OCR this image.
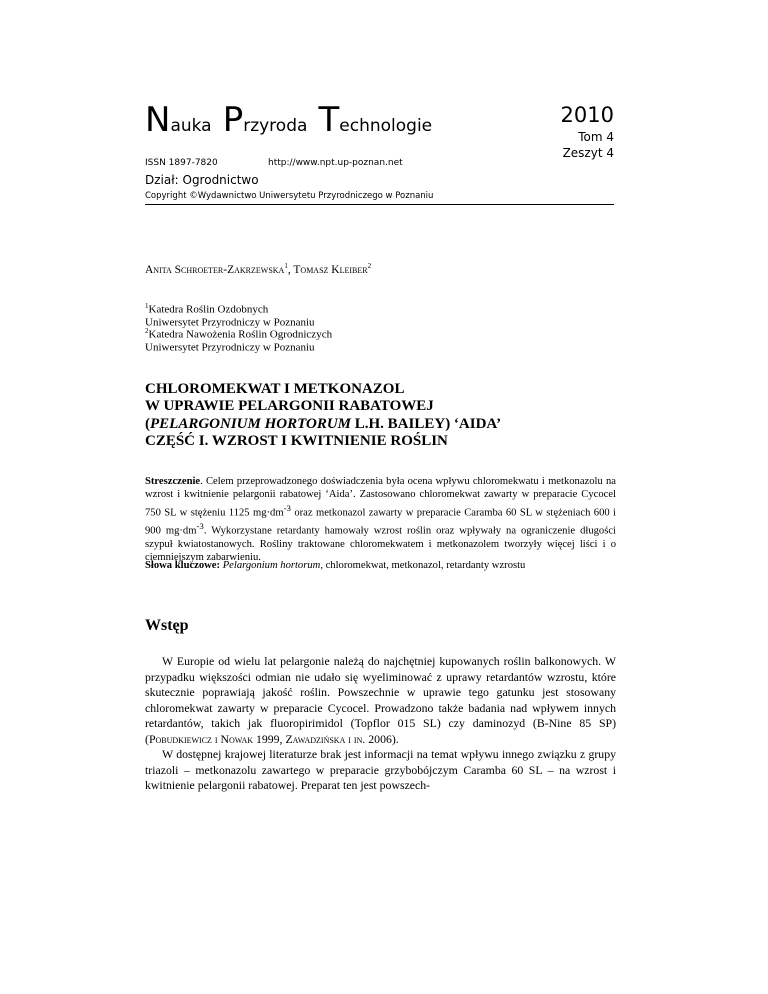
Nauka Przyroda Technologie
ISSN 1897-7820	http://www.npt.up-poznan.net
Dział: Ogrodnictwo
Copyright ©Wydawnictwo Uniwersytetu Przyrodniczego w Poznaniu
2010
Tom 4
Zeszyt 4
Anita Schroeter-Zakrzewska$^1$, Tomasz Kleiber$^2$
$^1$Katedra Roślin Ozdobnych
Uniwersytet Przyrodniczy w Poznaniu
$^2$Katedra Nawożenia Roślin Ogrodniczych
Uniwersytet Przyrodniczy w Poznaniu
CHLOROMEKWAT I METKONAZOL
W UPRAWIE PELARGONII RABATOWEJ
(PELARGONIUM HORTORUM L.H. BAILEY) ‘AIDA’
CZĘŚĆ I. WZROST I KWITNIENIE ROŚLIN
Streszczenie. Celem przeprowadzonego doświadczenia była ocena wpływu chloromekwatu i metkonazolu na wzrost i kwitnienie pelargonii rabatowej ‘Aida’. Zastosowano chloromekwat zawarty w preparacie Cycocel 750 SL w stężeniu 1125 $mg\cdot dm^{-3}$ oraz metkonazol zawarty w preparacie Caramba 60 SL w stężeniach 600 i 900 $mg\cdot dm^{-3}$. Wykorzystane retardanty hamowały wzrost roślin oraz wpływały na ograniczenie długości szypuł kwiatostanowych. Rośliny traktowane chloromekwatem i metkonazolem tworzyły więcej liści i o ciemniejszym zabarwieniu.
Słowa kluczowe: Pelargonium hortorum, chloromekwat, metkonazol, retardanty wzrostu
Wstęp

W Europie od wielu lat pelargonie należą do najchętniej kupowanych roślin balkonowych. W przypadku większości odmian nie udało się wyeliminować z uprawy retardantów wzrostu, które skutecznie poprawiają jakość roślin. Powszechnie w uprawie tego gatunku jest stosowany chloromekwat zawarty w preparacie Cycocel. Prowadzono także badania nad wpływem innych retardantów, takich jak fluoropirimidol (Topflor 015 SL) czy daminozyd (B-Nine 85 SP) (Pobudkiewicz i Nowak 1999, Zawadzińska i in. 2006).

W dostępnej krajowej literaturze brak jest informacji na temat wpływu innego związku z grupy triazoli – metkonazolu zawartego w preparacie grzybobójczym Caramba 60 SL – na wzrost i kwitnienie pelargonii rabatowej. Preparat ten jest powszech-
